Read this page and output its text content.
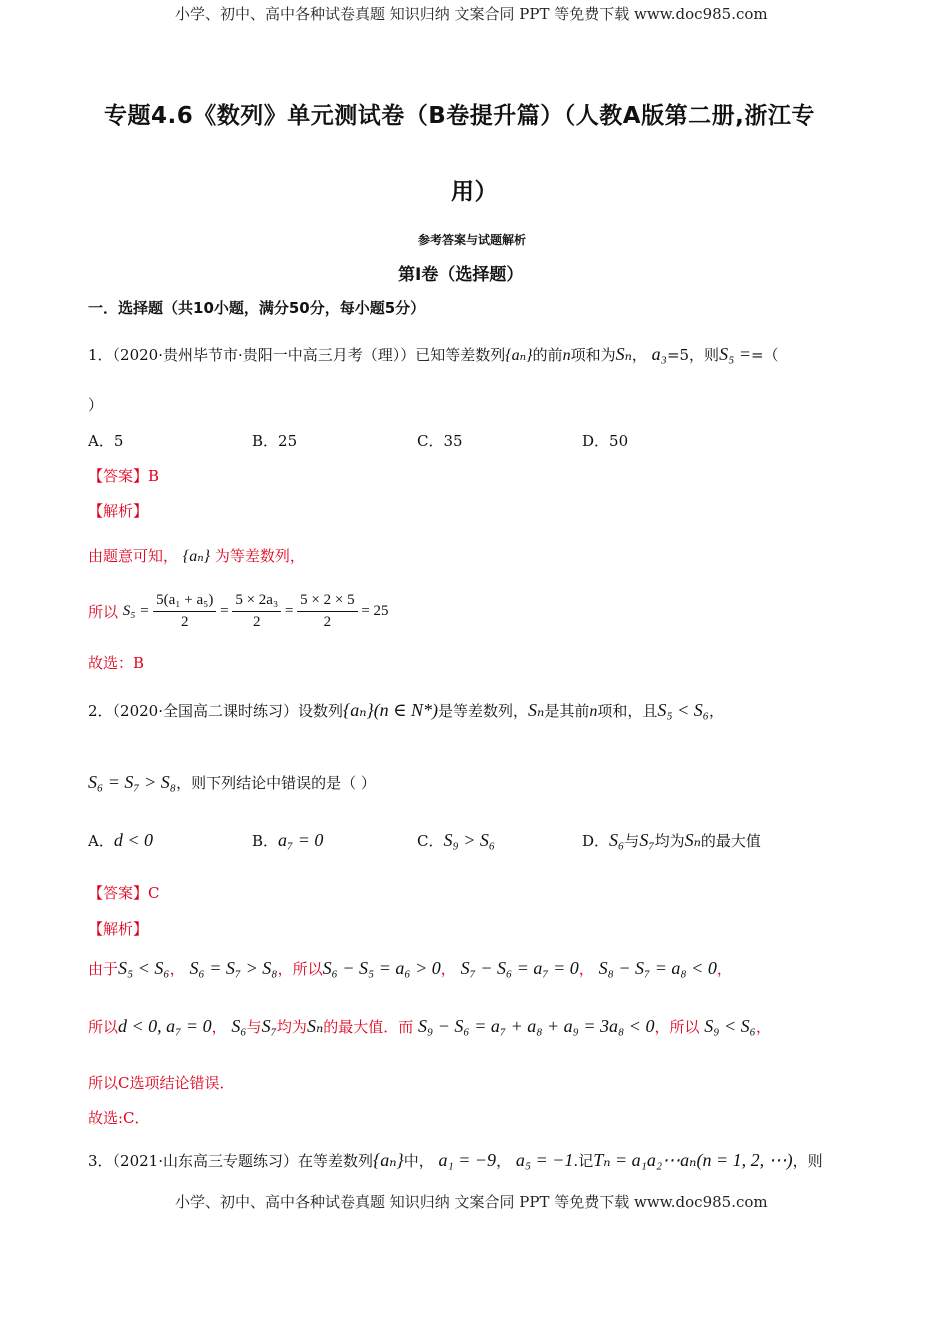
小学、初中、高中各种试卷真题 知识归纳 文案合同 PPT 等免费下载 www.doc985.com
小学、初中、高中各种试卷真题 知识归纳 文案合同 PPT 等免费下载 www.doc985.com
专题4.6《数列》单元测试卷（B卷提升篇）（人教A版第二册,浙江专
用）
参考答案与试题解析
第Ⅰ卷（选择题）
一．选择题（共10小题，满分50分，每小题5分）
1．（2020·贵州毕节市·贵阳一中高三月考（理））已知等差数列{aₙ}的前n项和为Sₙ， a₃=5，则S₅ ==（
）
A．5	B．25	C．35	D．50
【答案】B
【解析】
由题意可知， {aₙ} 为等差数列，
所以 $S_5 = \frac{\text{5(a₁ + a₅)}}{2} = \frac{\text{5 × 2a₃}}{2} = \frac{5 \times 2 \times 5}{2} = 25$
故选：B
2．（2020·全国高二课时练习）设数列{aₙ}(n ∈ N*)是等差数列，Sₙ是其前n项和，且S₅ < S₆，
S₆ = S₇ > S₈，则下列结论中错误的是（ ）
A．d < 0	B．a₇ = 0	C．S₉ > S₆	D．S₆与S₇均为Sₙ的最大值
【答案】C
【解析】
由于S₅ < S₆， S₆ = S₇ > S₈，所以S₆ − S₅ = a₆ > 0， S₇ − S₆ = a₇ = 0， S₈ − S₇ = a₈ < 0，
所以d < 0, a₇ = 0， S₆与S₇均为Sₙ的最大值．而 S₉ − S₆ = a₇ + a₈ + a₉ = 3a₈ < 0，所以 S₉ < S₆，
所以C选项结论错误．
故选:C．
3．（2021·山东高三专题练习）在等差数列{aₙ}中， a₁ = −9， a₅ = −1.记Tₙ = a₁a₂⋯aₙ(n = 1, 2, ⋯)，则
